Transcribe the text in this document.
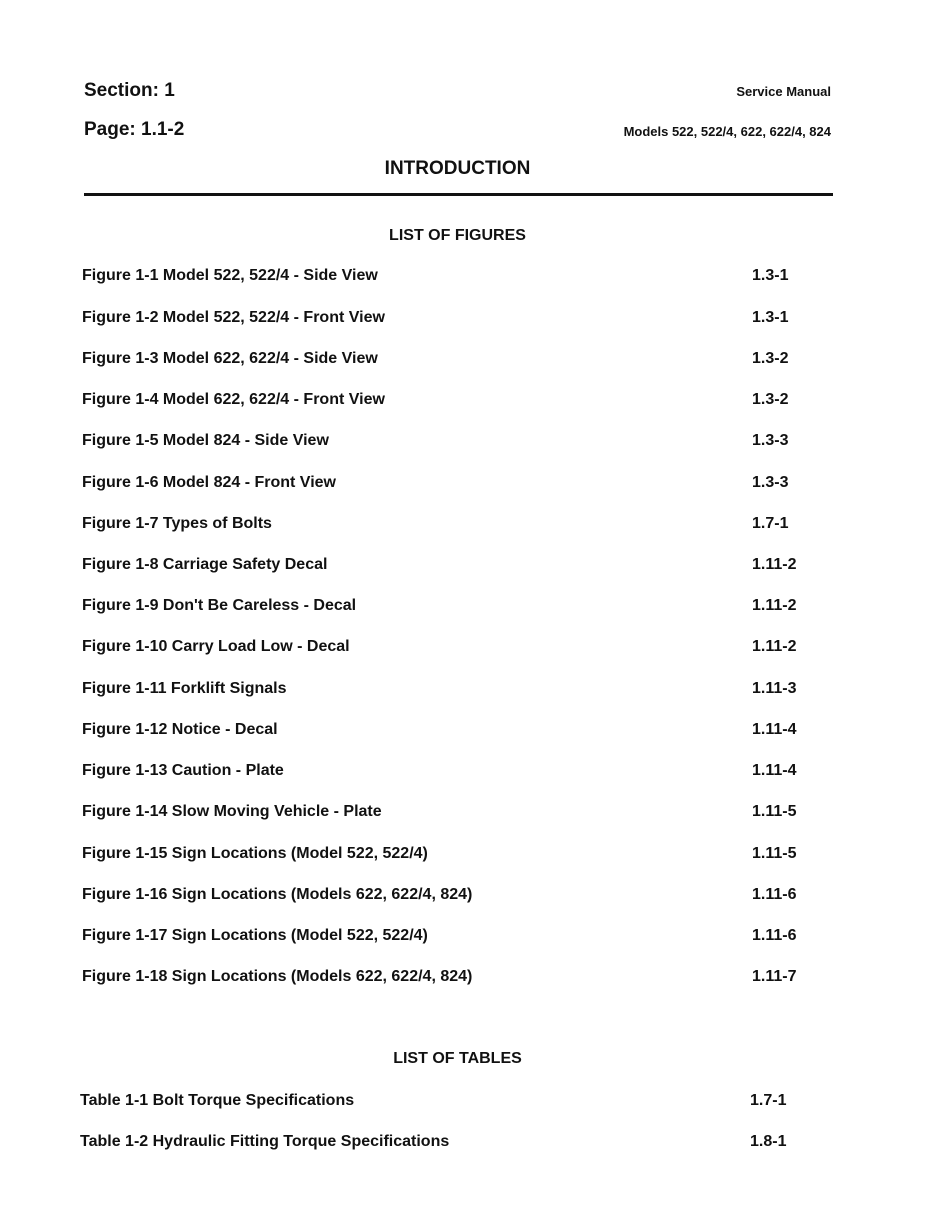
Section: 1
Page: 1.1-2
Service Manual
Models 522, 522/4, 622, 622/4, 824
INTRODUCTION
LIST OF FIGURES
Figure 1-1 Model 522, 522/4 - Side View	1.3-1
Figure 1-2 Model 522, 522/4 - Front View	1.3-1
Figure 1-3 Model 622, 622/4 - Side View	1.3-2
Figure 1-4 Model 622, 622/4 - Front View	1.3-2
Figure 1-5 Model 824 - Side View	1.3-3
Figure 1-6 Model 824 - Front View	1.3-3
Figure 1-7 Types of Bolts	1.7-1
Figure 1-8 Carriage Safety Decal	1.11-2
Figure 1-9 Don't Be Careless - Decal	1.11-2
Figure 1-10 Carry Load Low - Decal	1.11-2
Figure 1-11 Forklift Signals	1.11-3
Figure 1-12 Notice - Decal	1.11-4
Figure 1-13 Caution - Plate	1.11-4
Figure 1-14 Slow Moving Vehicle - Plate	1.11-5
Figure 1-15 Sign Locations (Model 522, 522/4)	1.11-5
Figure 1-16 Sign Locations (Models 622, 622/4, 824)	1.11-6
Figure 1-17 Sign Locations (Model 522, 522/4)	1.11-6
Figure 1-18 Sign Locations (Models 622, 622/4, 824)	1.11-7
LIST OF TABLES
Table 1-1 Bolt Torque Specifications	1.7-1
Table 1-2 Hydraulic Fitting Torque Specifications	1.8-1
